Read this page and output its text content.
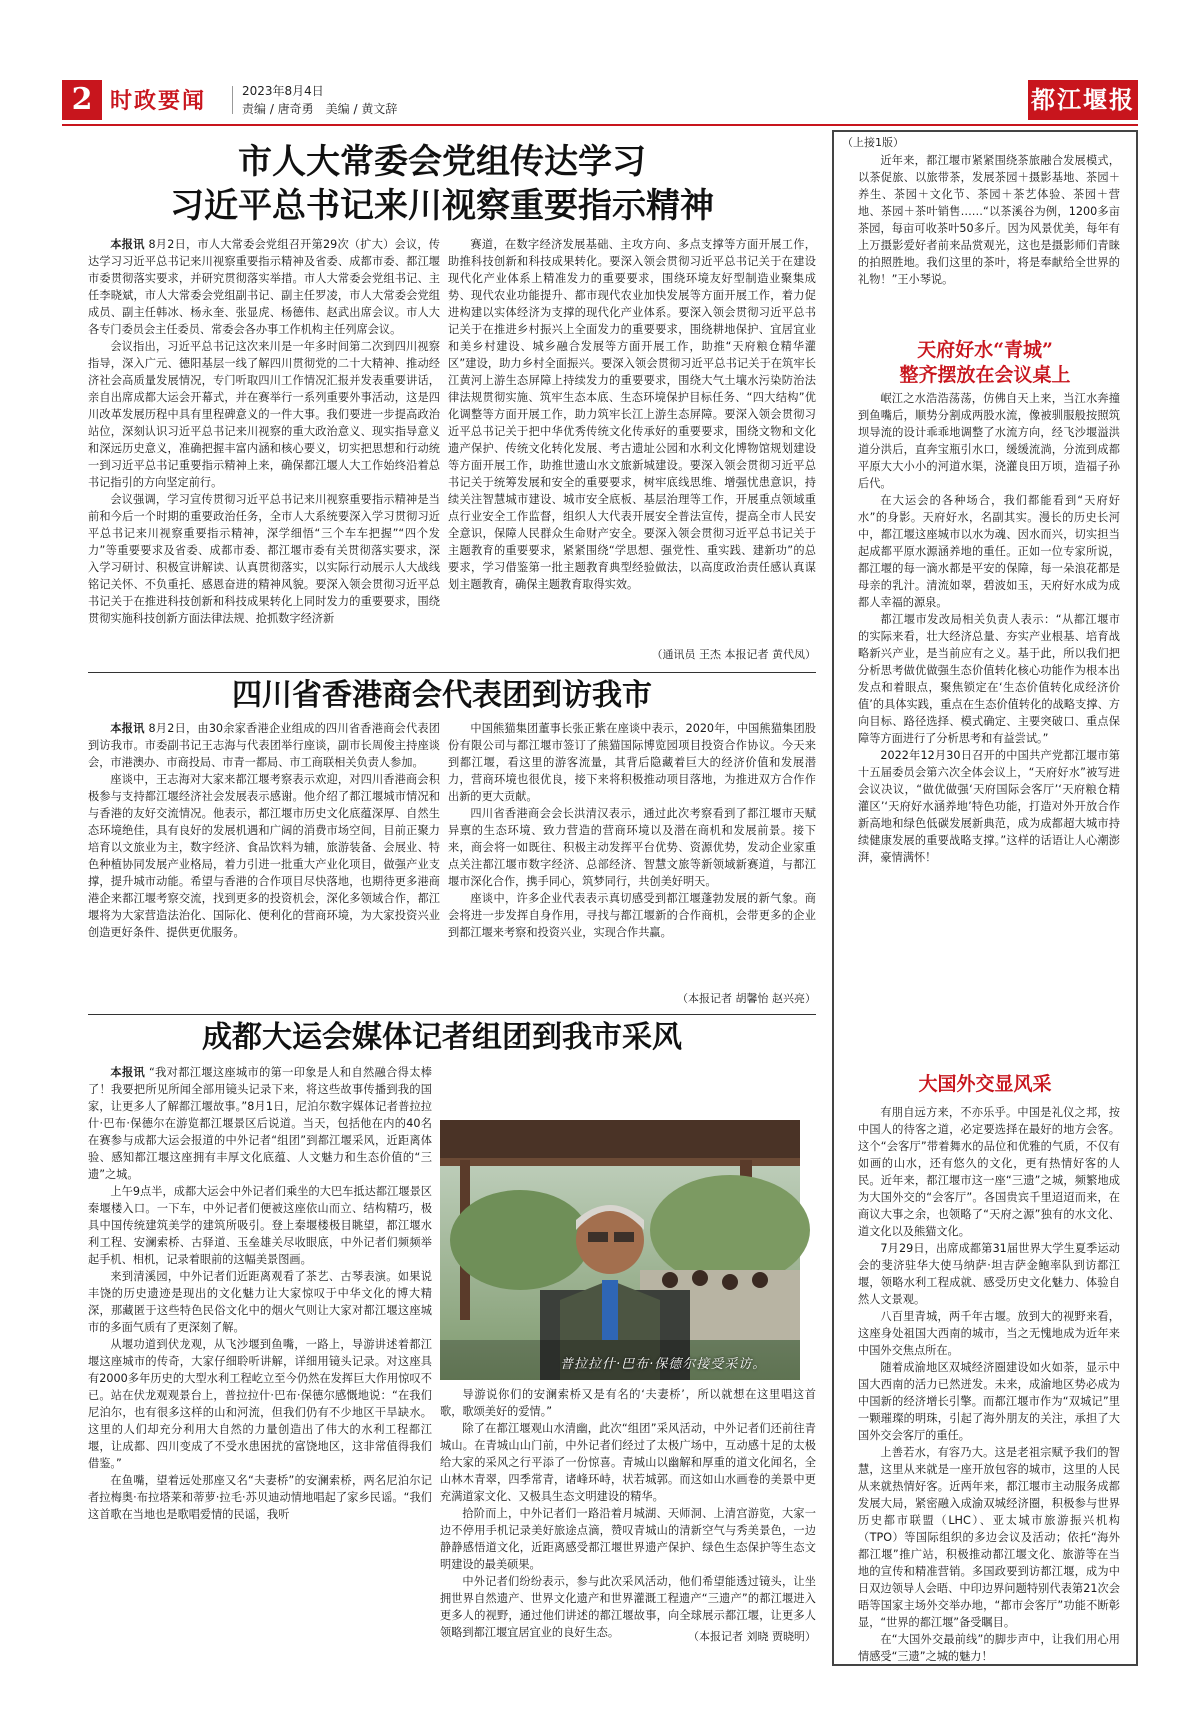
2 时政要闻	2023年8月4日
责编 / 唐奇勇　美编 / 黄文辞	都江堰报
市人大常委会党组传达学习
习近平总书记来川视察重要指示精神

本报讯 8月2日，市人大常委会党组召开第29次（扩大）会议，传达学习习近平总书记来川视察重要指示精神及省委、成都市委、都江堰市委贯彻落实要求，并研究贯彻落实举措。市人大常委会党组书记、主任李晓斌，市人大常委会党组副书记、副主任罗凌，市人大常委会党组成员、副主任韩冰、杨永奎、张显虎、杨德伟、赵武出席会议。市人大各专门委员会主任委员、常委会各办事工作机构主任列席会议。

会议指出，习近平总书记这次来川是一年多时间第二次到四川视察指导，深入广元、德阳基层一线了解四川贯彻党的二十大精神、推动经济社会高质量发展情况，专门听取四川工作情况汇报并发表重要讲话，亲自出席成都大运会开幕式，并在赛举行一系列重要外事活动，这是四川改革发展历程中具有里程碑意义的一件大事。我们要进一步提高政治站位，深刻认识习近平总书记来川视察的重大政治意义、现实指导意义和深远历史意义，准确把握丰富内涵和核心要义，切实把思想和行动统一到习近平总书记重要指示精神上来，确保都江堰人大工作始终沿着总书记指引的方向坚定前行。

会议强调，学习宣传贯彻习近平总书记来川视察重要指示精神是当前和今后一个时期的重要政治任务，全市人大系统要深入学习贯彻习近平总书记来川视察重要指示精神，深学细悟“三个车车把握”“四个发力”等重要要求及省委、成都市委、都江堰市委有关贯彻落实要求，深入学习研讨、积极宣讲解读、认真贯彻落实，以实际行动展示人大战线铭记关怀、不负重托、感恩奋进的精神风貌。要深入领会贯彻习近平总书记关于在推进科技创新和科技成果转化上同时发力的重要要求，围绕贯彻实施科技创新方面法律法规、抢抓数字经济新

赛道，在数字经济发展基础、主攻方向、多点支撑等方面开展工作，助推科技创新和科技成果转化。要深入领会贯彻习近平总书记关于在建设现代化产业体系上精准发力的重要要求，围绕环境友好型制造业聚集成势、现代农业功能提升、都市现代农业加快发展等方面开展工作，着力促进构建以实体经济为支撑的现代化产业体系。要深入领会贯彻习近平总书记关于在推进乡村振兴上全面发力的重要要求，围绕耕地保护、宜居宜业和美乡村建设、城乡融合发展等方面开展工作，助推“天府粮仓精华灌区”建设，助力乡村全面振兴。要深入领会贯彻习近平总书记关于在筑牢长江黄河上游生态屏障上持续发力的重要要求，围绕大气土壤水污染防治法律法规贯彻实施、筑牢生态本底、生态环境保护目标任务、“四大结构”优化调整等方面开展工作，助力筑牢长江上游生态屏障。要深入领会贯彻习近平总书记关于把中华优秀传统文化传承好的重要要求，围绕文物和文化遗产保护、传统文化转化发展、考古遗址公园和水利文化博物馆规划建设等方面开展工作，助推世遗山水文旅新城建设。要深入领会贯彻习近平总书记关于统筹发展和安全的重要要求，树牢底线思维、增强忧患意识，持续关注智慧城市建设、城市安全底板、基层治理等工作，开展重点领域重点行业安全工作监督，组织人大代表开展安全普法宣传，提高全市人民安全意识，保障人民群众生命财产安全。要深入领会贯彻习近平总书记关于主题教育的重要要求，紧紧围绕“学思想、强党性、重实践、建新功”的总要求，学习借鉴第一批主题教育典型经验做法，以高度政治责任感认真谋划主题教育，确保主题教育取得实效。

（通讯员 王杰 本报记者 黄代凤）

四川省香港商会代表团到访我市

本报讯 8月2日，由30余家香港企业组成的四川省香港商会代表团到访我市。市委副书记王志海与代表团举行座谈，副市长周俊主持座谈会，市港澳办、市商投局、市青一都局、市工商联相关负责人参加。

座谈中，王志海对大家来都江堰考察表示欢迎，对四川香港商会积极参与支持都江堰经济社会发展表示感谢。他介绍了都江堰城市情况和与香港的友好交流情况。他表示，都江堰市历史文化底蕴深厚、自然生态环境绝佳，具有良好的发展机遇和广阔的消费市场空间，目前正聚力培育以文旅业为主，数字经济、食品饮料为辅，旅游装备、会展业、特色种植协同发展产业格局，着力引进一批重大产业化项目，做强产业支撑，提升城市动能。希望与香港的合作项目尽快落地，也期待更多港商港企来都江堰考察交流，找到更多的投资机会，深化多领域合作，都江堰将为大家营造法治化、国际化、便利化的营商环境，为大家投资兴业创造更好条件、提供更优服务。

中国熊猫集团董事长张正紫在座谈中表示，2020年，中国熊猫集团股份有限公司与都江堰市签订了熊猫国际博览园项目投资合作协议。今天来到都江堰，看这里的游客流量，其背后隐藏着巨大的经济价值和发展潜力，营商环境也很优良，接下来将积极推动项目落地，为推进双方合作作出新的更大贡献。

四川省香港商会会长洪清汉表示，通过此次考察看到了都江堰市天赋异禀的生态环境、致力营造的营商环境以及潜在商机和发展前景。接下来，商会将一如既往、积极主动发挥平台优势、资源优势，发动企业家重点关注都江堰市数字经济、总部经济、智慧文旅等新领域新赛道，与都江堰市深化合作，携手同心，筑梦同行，共创美好明天。

座谈中，许多企业代表表示真切感受到都江堰蓬勃发展的新气象。商会将进一步发挥自身作用，寻找与都江堰新的合作商机，会带更多的企业到都江堰来考察和投资兴业，实现合作共赢。

（本报记者 胡馨怡 赵兴亮）

成都大运会媒体记者组团到我市采风

本报讯 “我对都江堰这座城市的第一印象是人和自然融合得太棒了！我要把所见所闻全部用镜头记录下来，将这些故事传播到我的国家，让更多人了解都江堰故事。”8月1日，尼泊尔数字媒体记者普拉拉什·巴布·保德尔在游览都江堰景区后说道。当天，包括他在内的40名在赛参与成都大运会报道的中外记者“组团”到都江堰采风，近距离体验、感知都江堰这座拥有丰厚文化底蕴、人文魅力和生态价值的“三遗”之城。

上午9点半，成都大运会中外记者们乘坐的大巴车抵达都江堰景区秦堰楼入口。一下车，中外记者们便被这座依山而立、结构精巧，极具中国传统建筑美学的建筑所吸引。登上秦堰楼极目眺望，都江堰水利工程、安澜索桥、古驿道、玉垒雄关尽收眼底，中外记者们频频举起手机、相机，记录着眼前的这幅美景图画。

来到清溪园，中外记者们近距离观看了茶艺、古琴表演。如果说丰饶的历史遗迹是现出的文化魅力让大家惊叹于中华文化的博大精深，那藏匿于这些特色民俗文化中的烟火气则让大家对都江堰这座城市的多面气质有了更深刻了解。

从堰功道到伏龙观，从飞沙堰到鱼嘴，一路上，导游讲述着都江堰这座城市的传奇，大家仔细聆听讲解，详细用镜头记录。对这座具有2000多年历史的大型水利工程屹立至今仍然在发挥巨大作用惊叹不已。站在伏龙观观景台上，普拉拉什·巴布·保德尔感慨地说：“在我们尼泊尔，也有很多这样的山和河流，但我们仍有不少地区干旱缺水。这里的人们却充分利用大自然的力量创造出了伟大的水利工程都江堰，让成都、四川变成了不受水患困扰的富饶地区，这非常值得我们借鉴。”

在鱼嘴，望着远处那座又名“夫妻桥”的安澜索桥，两名尼泊尔记者拉梅奥·布拉塔莱和蒂萝·拉毛·苏贝迪动情地唱起了家乡民谣。“我们这首歌在当地也是歌唱爱情的民谣，我听

普拉拉什·巴布·保德尔接受采访。

导游说你们的安澜索桥又是有名的‘夫妻桥’，所以就想在这里唱这首歌，歌颂美好的爱情。”

除了在都江堰观山水清幽，此次“组团”采风活动，中外记者们还前往青城山。在青城山山门前，中外记者们经过了太极广场中，互动感十足的太极给大家的采风之行平添了一份惊喜。青城山以幽解和厚重的道文化闻名，全山林木青翠，四季常青，诸峰环峙，状若城郭。而这如山水画卷的美景中更充满道家文化、又极具生态文明建设的精华。

拾阶而上，中外记者们一路沿着月城湖、天师洞、上清宫游览，大家一边不停用手机记录美好旅途点滴，赞叹青城山的清新空气与秀美景色，一边静静感悟道文化，近距离感受都江堰世界遗产保护、绿色生态保护等生态文明建设的最美硕果。

中外记者们纷纷表示，参与此次采风活动，他们希望能透过镜头，让坐拥世界自然遗产、世界文化遗产和世界灌溉工程遗产“三遗产”的都江堰进入更多人的视野，通过他们讲述的都江堰故事，向全球展示都江堰，让更多人领略到都江堰宜居宜业的良好生态。	（本报记者 刘晓 贾晓明）

（上接1版）

近年来，都江堰市紧紧围绕茶旅融合发展模式，以茶促旅、以旅带茶，发展茶园＋摄影基地、茶园＋养生、茶园＋文化节、茶园＋茶艺体验、茶园＋营地、茶园＋茶叶销售……“以茶溪谷为例，1200多亩茶园，每亩可收茶叶50多斤。因为风景优美，每年有上万摄影爱好者前来品赏观光，这也是摄影师们青睐的拍照胜地。我们这里的茶叶，将是奉献给全世界的礼物！”王小琴说。

天府好水“青城”
整齐摆放在会议桌上

岷江之水浩浩荡荡，仿佛自天上来，当江水奔撞到鱼嘴后，顺势分割成两股水流，像被驯服般按照筑坝导流的设计乖乖地调整了水流方向，经飞沙堰溢洪道分洪后，直奔宝瓶引水口，缓缓流淌，分流到成都平原大大小小的河道水渠，浇灌良田万顷，造福子孙后代。

在大运会的各种场合，我们都能看到“天府好水”的身影。天府好水，名副其实。漫长的历史长河中，都江堰这座城市以水为魂、因水而兴，切实担当起成都平原水源涵养地的重任。正如一位专家所说，都江堰的每一滴水都是平安的保障，每一朵浪花都是母亲的乳汁。清流如翠，碧波如玉，天府好水成为成都人幸福的源泉。

都江堰市发改局相关负责人表示：“从都江堰市的实际来看，壮大经济总量、夯实产业根基、培育战略新兴产业，是当前应有之义。基于此，所以我们把分析思考做优做强生态价值转化核心功能作为根本出发点和着眼点，聚焦锁定在‘生态价值转化成经济价值’的具体实践，重点在生态价值转化的战略支撑、方向目标、路径选择、模式确定、主要突破口、重点保障等方面进行了分析思考和有益尝试。”

2022年12月30日召开的中国共产党都江堰市第十五届委员会第六次全体会议上，“天府好水”被写进会议决议，“做优做强‘天府国际会客厅’‘天府粮仓精灌区’‘天府好水涵养地’特色功能，打造对外开放合作新高地和绿色低碳发展新典范，成为成都超大城市持续健康发展的重要战略支撑。”这样的话语让人心潮澎湃，豪情满怀！

大国外交显风采

有朋自远方来，不亦乐乎。中国是礼仪之邦，按中国人的待客之道，必定要选择在最好的地方会客。这个“会客厅”带着舞水的品位和优雅的气质，不仅有如画的山水，还有悠久的文化，更有热情好客的人民。近年来，都江堰市这一座“三遗”之城，频繁地成为大国外交的“会客厅”。各国贵宾千里迢迢而来，在商议大事之余，也领略了“天府之源”独有的水文化、道文化以及熊猫文化。

7月29日，出席成都第31届世界大学生夏季运动会的斐济驻华大使马纳萨·坦吉萨金鲍率队到访都江堰，领略水利工程成就、感受历史文化魅力、体验自然人文景观。

八百里青城，两千年古堰。放到大的视野来看，这座身处祖国大西南的城市，当之无愧地成为近年来中国外交焦点所在。

随着成渝地区双城经济圈建设如火如荼，显示中国大西南的活力已然迸发。未来，成渝地区势必成为中国新的经济增长引擎。而都江堰市作为“双城记”里一颗璀璨的明珠，引起了海外朋友的关注，承担了大国外交会客厅的重任。

上善若水，有容乃大。这是老祖宗赋予我们的智慧，这里从来就是一座开放包容的城市，这里的人民从来就热情好客。近两年来，都江堰市主动服务成都发展大局，紧密融入成渝双城经济圈，积极参与世界历史都市联盟（LHC）、亚太城市旅游振兴机构（TPO）等国际组织的多边会议及活动；依托“海外都江堰”推广站，积极推动都江堰文化、旅游等在当地的宣传和精准营销。多国政要到访都江堰，成为中日双边领导人会晤、中印边界问题特别代表第21次会晤等国家主场外交举办地，“都市会客厅”功能不断彰显，“世界的都江堰”备受瞩目。

在“大国外交最前线”的脚步声中，让我们用心用情感受“三遗”之城的魅力！
